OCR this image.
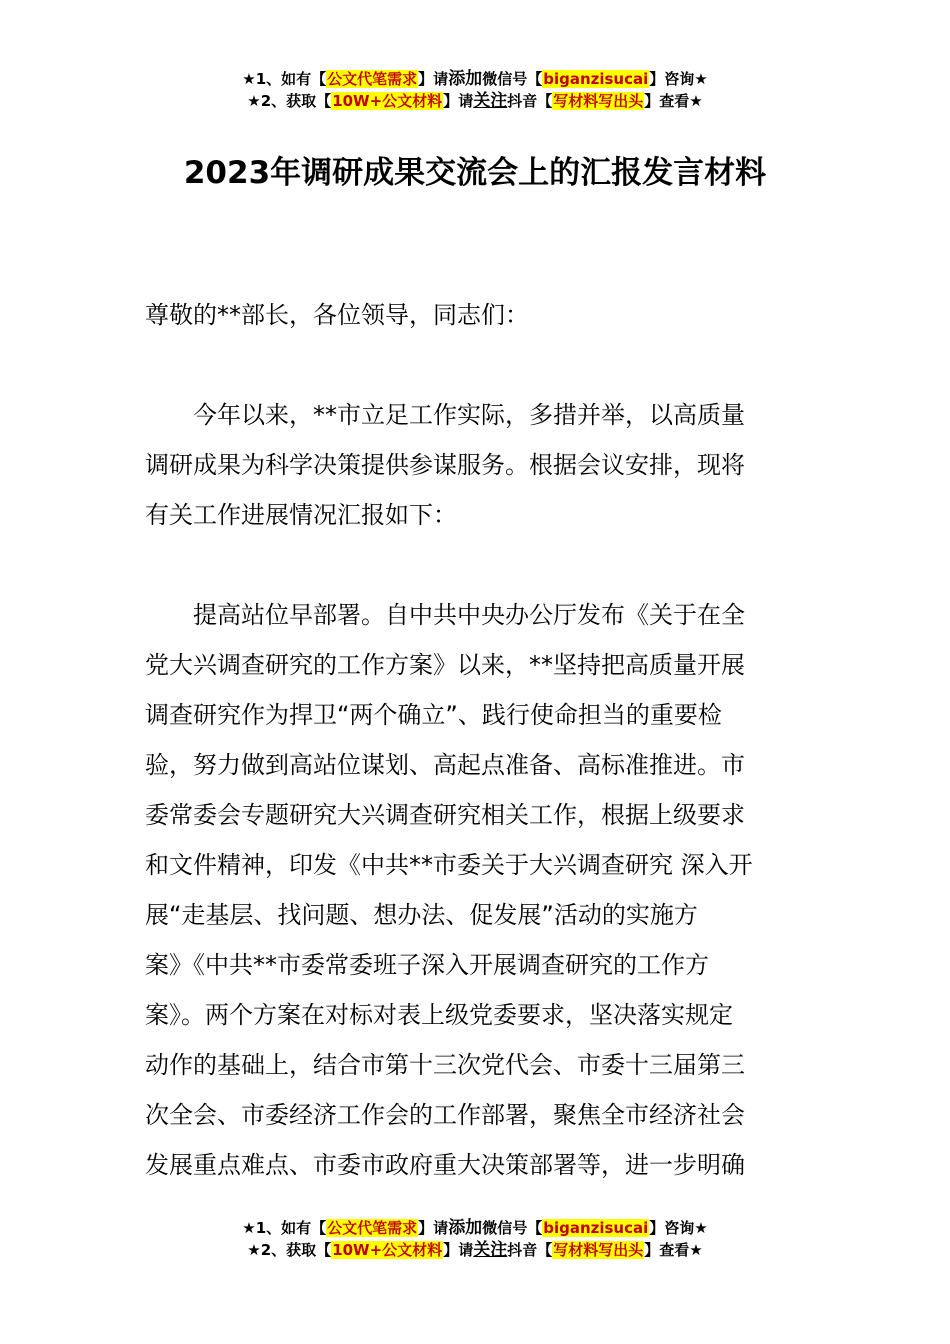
★1、如有【公文代笔需求】请添加微信号【biganzisucai】咨询★
★2、获取【10W+公文材料】请关注抖音【写材料写出头】查看★
2023年调研成果交流会上的汇报发言材料
尊敬的**部长，各位领导，同志们：
　　今年以来，**市立足工作实际，多措并举，以高质量
调研成果为科学决策提供参谋服务。根据会议安排，现将
有关工作进展情况汇报如下：
　　提高站位早部署。自中共中央办公厅发布《关于在全
党大兴调查研究的工作方案》以来，**坚持把高质量开展
调查研究作为捍卫“两个确立”、践行使命担当的重要检
验，努力做到高站位谋划、高起点准备、高标准推进。市
委常委会专题研究大兴调查研究相关工作，根据上级要求
和文件精神，印发《中共**市委关于大兴调查研究 深入开
展“走基层、找问题、想办法、促发展”活动的实施方
案》《中共**市委常委班子深入开展调查研究的工作方
案》。两个方案在对标对表上级党委要求，坚决落实规定
动作的基础上，结合市第十三次党代会、市委十三届第三
次全会、市委经济工作会的工作部署，聚焦全市经济社会
发展重点难点、市委市政府重大决策部署等，进一步明确
★1、如有【公文代笔需求】请添加微信号【biganzisucai】咨询★
★2、获取【10W+公文材料】请关注抖音【写材料写出头】查看★
